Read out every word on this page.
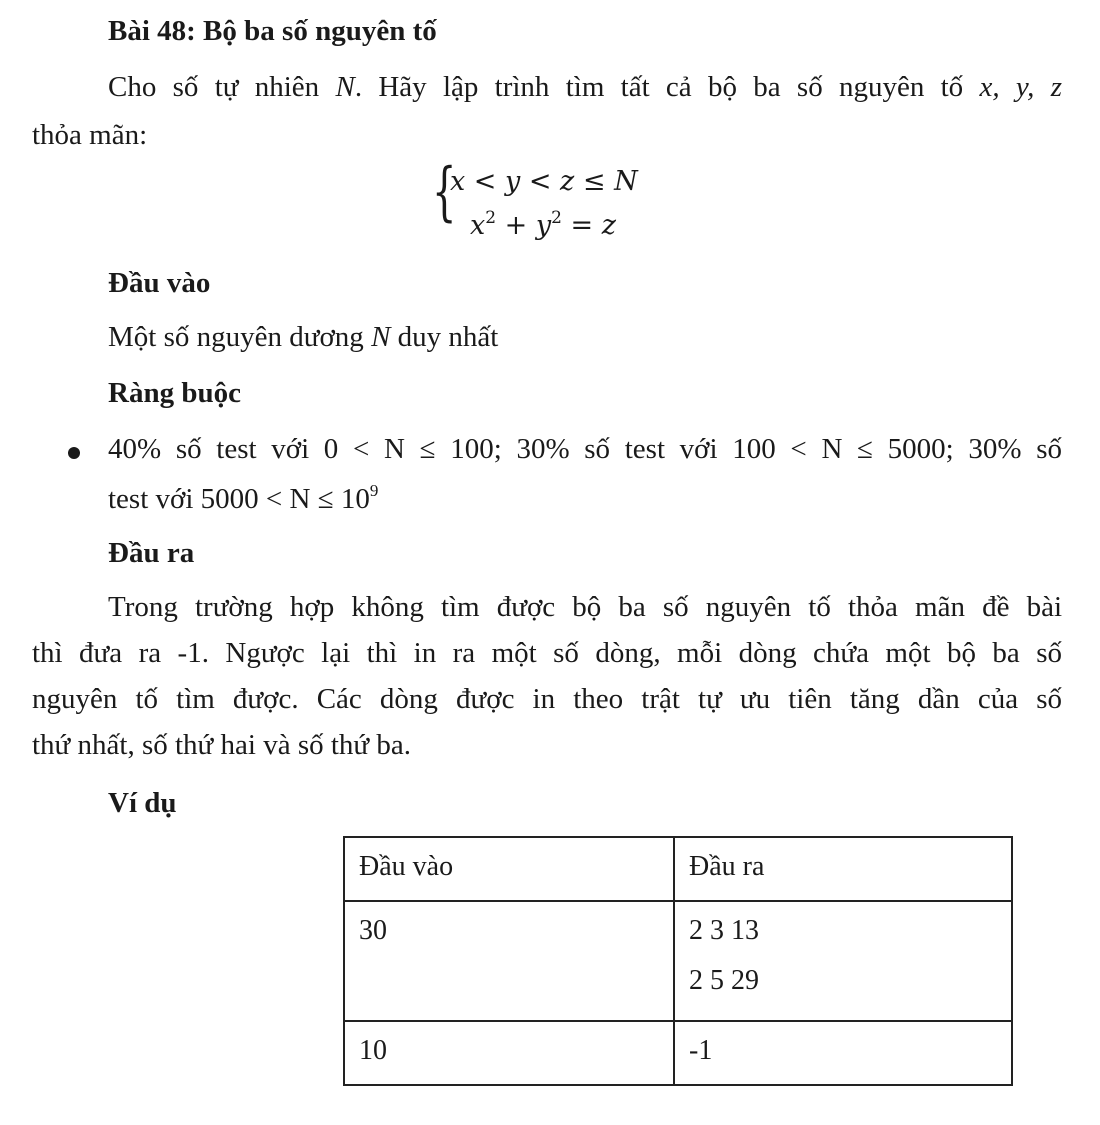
Bài 48: Bộ ba số nguyên tố
Cho số tự nhiên N. Hãy lập trình tìm tất cả bộ ba số nguyên tố x, y, z
thỏa mãn:
{
x < y < z ≤ N
$x^2 + y^2 = z$
Đầu vào
Một số nguyên dương N duy nhất
Ràng buộc
40% số test với 0 < N ≤ 100; 30% số test với 100 < N ≤ 5000; 30% số
test với $5000 < N \le 10^9$
Đầu ra
Trong trường hợp không tìm được bộ ba số nguyên tố thỏa mãn đề bài
thì đưa ra -1. Ngược lại thì in ra một số dòng, mỗi dòng chứa một bộ ba số
nguyên tố tìm được. Các dòng được in theo trật tự ưu tiên tăng dần của số
thứ nhất, số thứ hai và số thứ ba.
Ví dụ
Đầu vào	Đầu ra
30	2 3 13
2 5 29

10	-1
